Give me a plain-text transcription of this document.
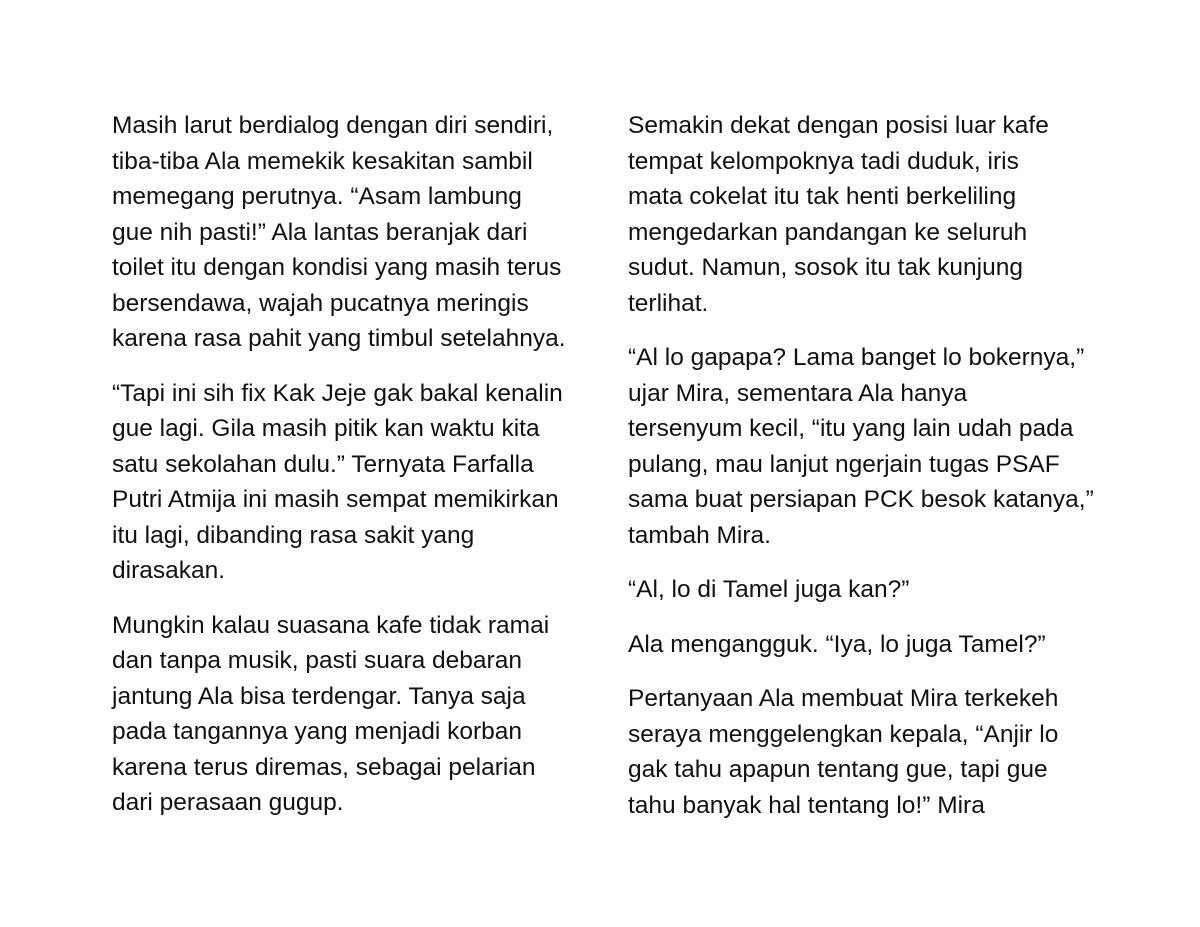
Masih larut berdialog dengan diri sendiri,
tiba-tiba Ala memekik kesakitan sambil
memegang perutnya. “Asam lambung
gue nih pasti!” Ala lantas beranjak dari
toilet itu dengan kondisi yang masih terus
bersendawa, wajah pucatnya meringis
karena rasa pahit yang timbul setelahnya.

“Tapi ini sih fix Kak Jeje gak bakal kenalin
gue lagi. Gila masih pitik kan waktu kita
satu sekolahan dulu.” Ternyata Farfalla
Putri Atmija ini masih sempat memikirkan
itu lagi, dibanding rasa sakit yang
dirasakan.

Mungkin kalau suasana kafe tidak ramai
dan tanpa musik, pasti suara debaran
jantung Ala bisa terdengar. Tanya saja
pada tangannya yang menjadi korban
karena terus diremas, sebagai pelarian
dari perasaan gugup.

Semakin dekat dengan posisi luar kafe
tempat kelompoknya tadi duduk, iris
mata cokelat itu tak henti berkeliling
mengedarkan pandangan ke seluruh
sudut. Namun, sosok itu tak kunjung
terlihat.

“Al lo gapapa? Lama banget lo bokernya,”
ujar Mira, sementara Ala hanya
tersenyum kecil, “itu yang lain udah pada
pulang, mau lanjut ngerjain tugas PSAF
sama buat persiapan PCK besok katanya,”
tambah Mira.

“Al, lo di Tamel juga kan?”

Ala mengangguk. “Iya, lo juga Tamel?”

Pertanyaan Ala membuat Mira terkekeh
seraya menggelengkan kepala, “Anjir lo
gak tahu apapun tentang gue, tapi gue
tahu banyak hal tentang lo!” Mira
